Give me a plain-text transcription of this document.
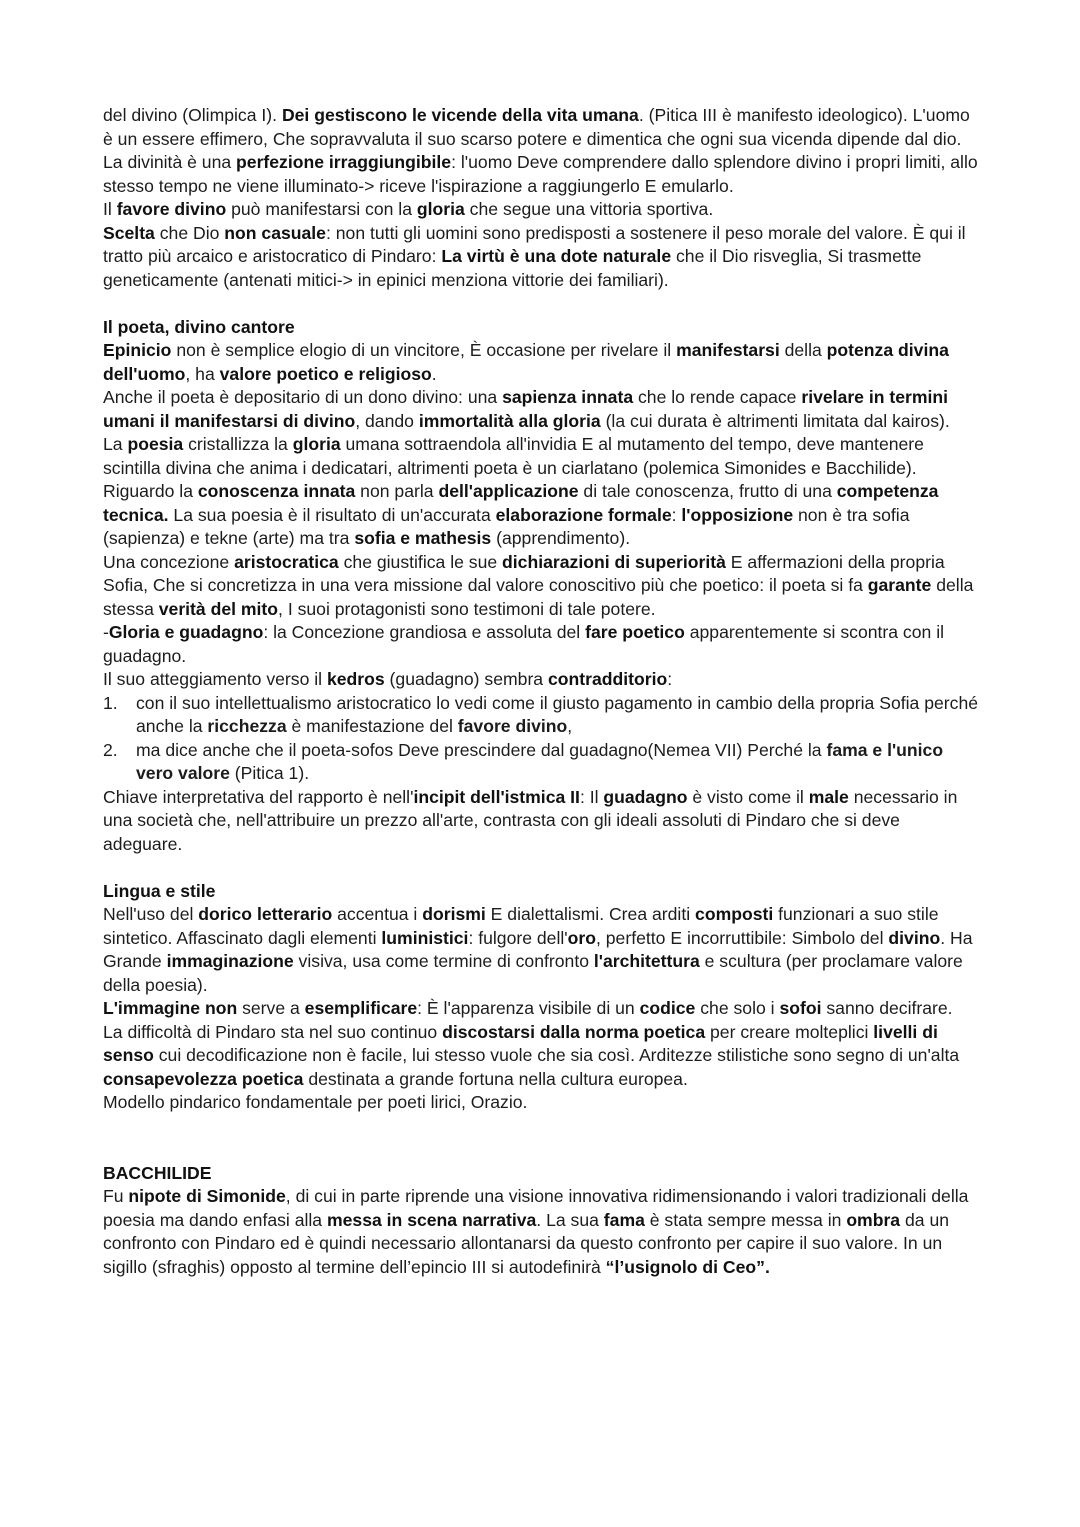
del divino (Olimpica I). Dei gestiscono le vicende della vita umana. (Pitica III è manifesto ideologico). L'uomo è un essere effimero, Che sopravvaluta il suo scarso potere e dimentica che ogni sua vicenda dipende dal dio.

La divinità è una perfezione irraggiungibile: l'uomo Deve comprendere dallo splendore divino i propri limiti, allo stesso tempo ne viene illuminato-> riceve l'ispirazione a raggiungerlo E emularlo.

Il favore divino può manifestarsi con la gloria che segue una vittoria sportiva.

Scelta che Dio non casuale: non tutti gli uomini sono predisposti a sostenere il peso morale del valore. È qui il tratto più arcaico e aristocratico di Pindaro: La virtù è una dote naturale che il Dio risveglia, Si trasmette geneticamente (antenati mitici-> in epinici menziona vittorie dei familiari).

Il poeta, divino cantore

Epinicio non è semplice elogio di un vincitore, È occasione per rivelare il manifestarsi della potenza divina dell'uomo, ha valore poetico e religioso.

Anche il poeta è depositario di un dono divino: una sapienza innata che lo rende capace rivelare in termini umani il manifestarsi di divino, dando immortalità alla gloria (la cui durata è altrimenti limitata dal kairos).

La poesia cristallizza la gloria umana sottraendola all'invidia E al mutamento del tempo, deve mantenere scintilla divina che anima i dedicatari, altrimenti poeta è un ciarlatano (polemica Simonides e Bacchilide).

Riguardo la conoscenza innata non parla dell'applicazione di tale conoscenza, frutto di una competenza tecnica. La sua poesia è il risultato di un'accurata elaborazione formale: l'opposizione non è tra sofia (sapienza) e tekne (arte) ma tra sofia e mathesis (apprendimento).

Una concezione aristocratica che giustifica le sue dichiarazioni di superiorità E affermazioni della propria Sofia, Che si concretizza in una vera missione dal valore conoscitivo più che poetico: il poeta si fa garante della stessa verità del mito, I suoi protagonisti sono testimoni di tale potere.

-Gloria e guadagno: la Concezione grandiosa e assoluta del fare poetico apparentemente si scontra con il guadagno.

Il suo atteggiamento verso il kedros (guadagno) sembra contradditorio:

1. con il suo intellettualismo aristocratico lo vedi come il giusto pagamento in cambio della propria Sofia perché anche la ricchezza è manifestazione del favore divino,
2. ma dice anche che il poeta-sofos Deve prescindere dal guadagno(Nemea VII) Perché la fama e l'unico vero valore (Pitica 1).

Chiave interpretativa del rapporto è nell'incipit dell'istmica II: Il guadagno è visto come il male necessario in una società che, nell'attribuire un prezzo all'arte, contrasta con gli ideali assoluti di Pindaro che si deve adeguare.

Lingua e stile

Nell'uso del dorico letterario accentua i dorismi E dialettalismi. Crea arditi composti funzionari a suo stile sintetico. Affascinato dagli elementi luministici: fulgore dell'oro, perfetto E incorruttibile: Simbolo del divino. Ha Grande immaginazione visiva, usa come termine di confronto l'architettura e scultura (per proclamare valore della poesia).

L'immagine non serve a esemplificare: È l'apparenza visibile di un codice che solo i sofoi sanno decifrare.

La difficoltà di Pindaro sta nel suo continuo discostarsi dalla norma poetica per creare molteplici livelli di senso cui decodificazione non è facile, lui stesso vuole che sia così. Arditezze stilistiche sono segno di un'alta consapevolezza poetica destinata a grande fortuna nella cultura europea.

Modello pindarico fondamentale per poeti lirici, Orazio.

BACCHILIDE

Fu nipote di Simonide, di cui in parte riprende una visione innovativa ridimensionando i valori tradizionali della poesia ma dando enfasi alla messa in scena narrativa. La sua fama è stata sempre messa in ombra da un confronto con Pindaro ed è quindi necessario allontanarsi da questo confronto per capire il suo valore. In un sigillo (sfraghis) opposto al termine dell’epincio III si autodefinirà “l’usignolo di Ceo”.
